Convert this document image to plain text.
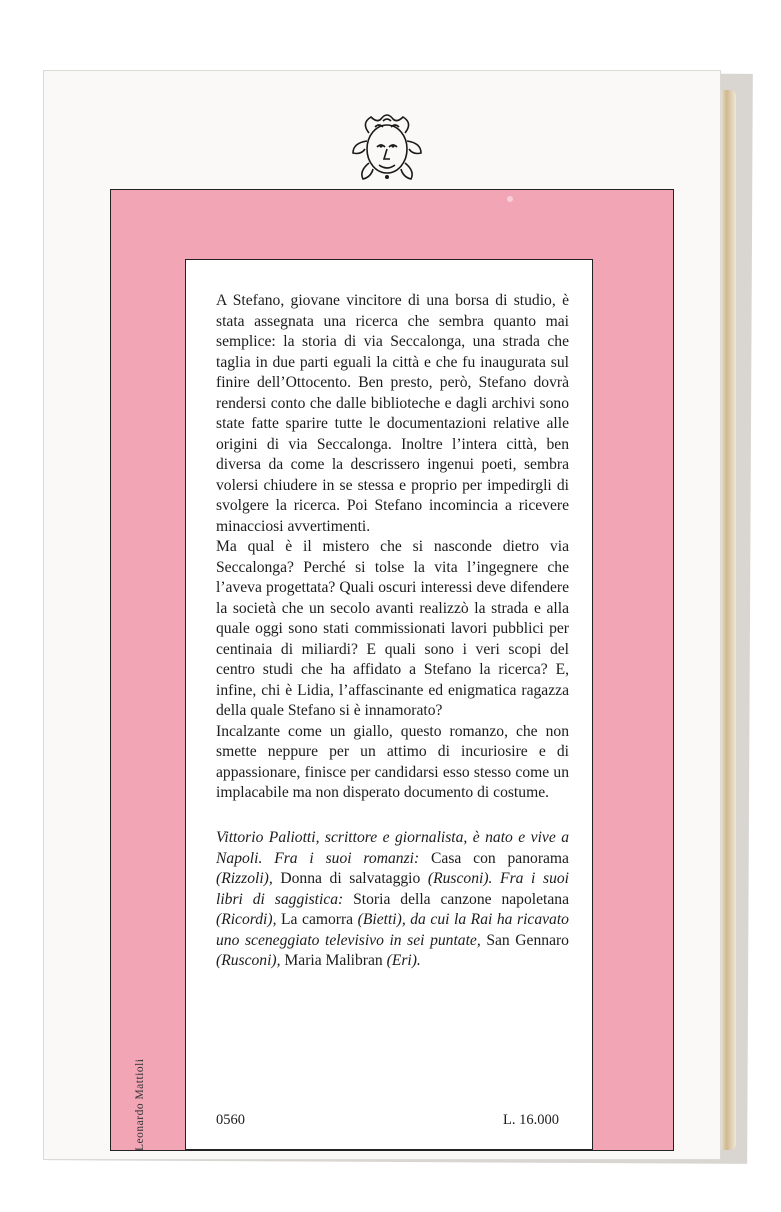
A Stefano, giovane vincitore di una borsa di studio, è stata assegnata una ricerca che sembra quanto mai semplice: la storia di via Seccalonga, una strada che taglia in due parti eguali la città e che fu inaugurata sul finire dell’Ottocento. Ben presto, però, Stefano dovrà rendersi conto che dalle biblioteche e dagli archivi sono state fatte sparire tutte le documentazioni relative alle origini di via Seccalonga. Inoltre l’intera città, ben diversa da come la descrissero ingenui poeti, sembra volersi chiudere in se stessa e proprio per impedirgli di svolgere la ricerca. Poi Stefano incomincia a ricevere minacciosi avvertimenti.

Ma qual è il mistero che si nasconde dietro via Seccalonga? Perché si tolse la vita l’ingegnere che l’aveva progettata? Quali oscuri interessi deve difendere la società che un secolo avanti realizzò la strada e alla quale oggi sono stati commissionati lavori pubblici per centinaia di miliardi? E quali sono i veri scopi del centro studi che ha affidato a Stefano la ricerca? E, infine, chi è Lidia, l’affascinante ed enigmatica ragazza della quale Stefano si è innamorato?

Incalzante come un giallo, questo romanzo, che non smette neppure per un attimo di incuriosire e di appassionare, finisce per candidarsi esso stesso come un implacabile ma non disperato documento di costume.

Vittorio Paliotti, scrittore e giornalista, è nato e vive a Napoli. Fra i suoi romanzi: Casa con panorama (Rizzoli), Donna di salvataggio (Rusconi). Fra i suoi libri di saggistica: Storia della canzone napoletana (Ricordi), La camorra (Bietti), da cui la Rai ha ricavato uno sceneggiato televisivo in sei puntate, San Gennaro (Rusconi), Maria Malibran (Eri).

0560	L. 16.000
Leonardo Mattioli
